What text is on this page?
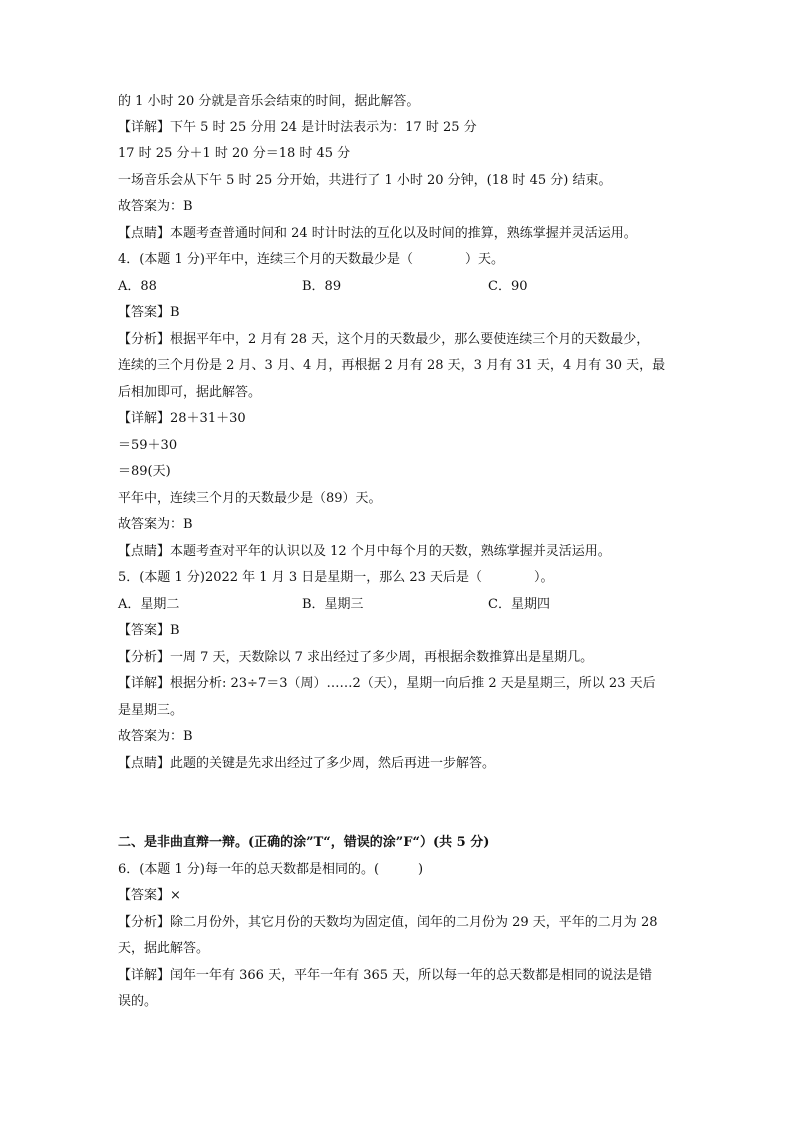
的 1 小时 20 分就是音乐会结束的时间，据此解答。
【详解】下午 5 时 25 分用 24 是计时法表示为：17 时 25 分
17 时 25 分＋1 时 20 分＝18 时 45 分
一场音乐会从下午 5 时 25 分开始，共进行了 1 小时 20 分钟，(18 时 45 分) 结束。
故答案为：B
【点睛】本题考查普通时间和 24 时计时法的互化以及时间的推算，熟练掌握并灵活运用。
4．(本题 1 分)平年中，连续三个月的天数最少是（　　　　）天。
A．88	B．89	C．90
【答案】B
【分析】根据平年中，2 月有 28 天，这个月的天数最少，那么要使连续三个月的天数最少，
连续的三个月份是 2 月、3 月、4 月，再根据 2 月有 28 天，3 月有 31 天，4 月有 30 天，最
后相加即可，据此解答。
【详解】28＋31＋30
＝59＋30
＝89(天)
平年中，连续三个月的天数最少是（89）天。
故答案为：B
【点睛】本题考查对平年的认识以及 12 个月中每个月的天数，熟练掌握并灵活运用。
5．(本题 1 分)2022 年 1 月 3 日是星期一，那么 23 天后是（　　　　）。
A．星期二	B．星期三	C．星期四
【答案】B
【分析】一周 7 天，天数除以 7 求出经过了多少周，再根据余数推算出是星期几。
【详解】根据分析: 23÷7＝3（周）……2（天），星期一向后推 2 天是星期三，所以 23 天后
是星期三。
故答案为：B
【点睛】此题的关键是先求出经过了多少周，然后再进一步解答。
二、是非曲直辩一辩。(正确的涂”T“，错误的涂”F“）(共 5 分)
6．(本题 1 分)每一年的总天数都是相同的。(　　　)
【答案】×
【分析】除二月份外，其它月份的天数均为固定值，闰年的二月份为 29 天，平年的二月为 28
天，据此解答。
【详解】闰年一年有 366 天，平年一年有 365 天，所以每一年的总天数都是相同的说法是错
误的。
